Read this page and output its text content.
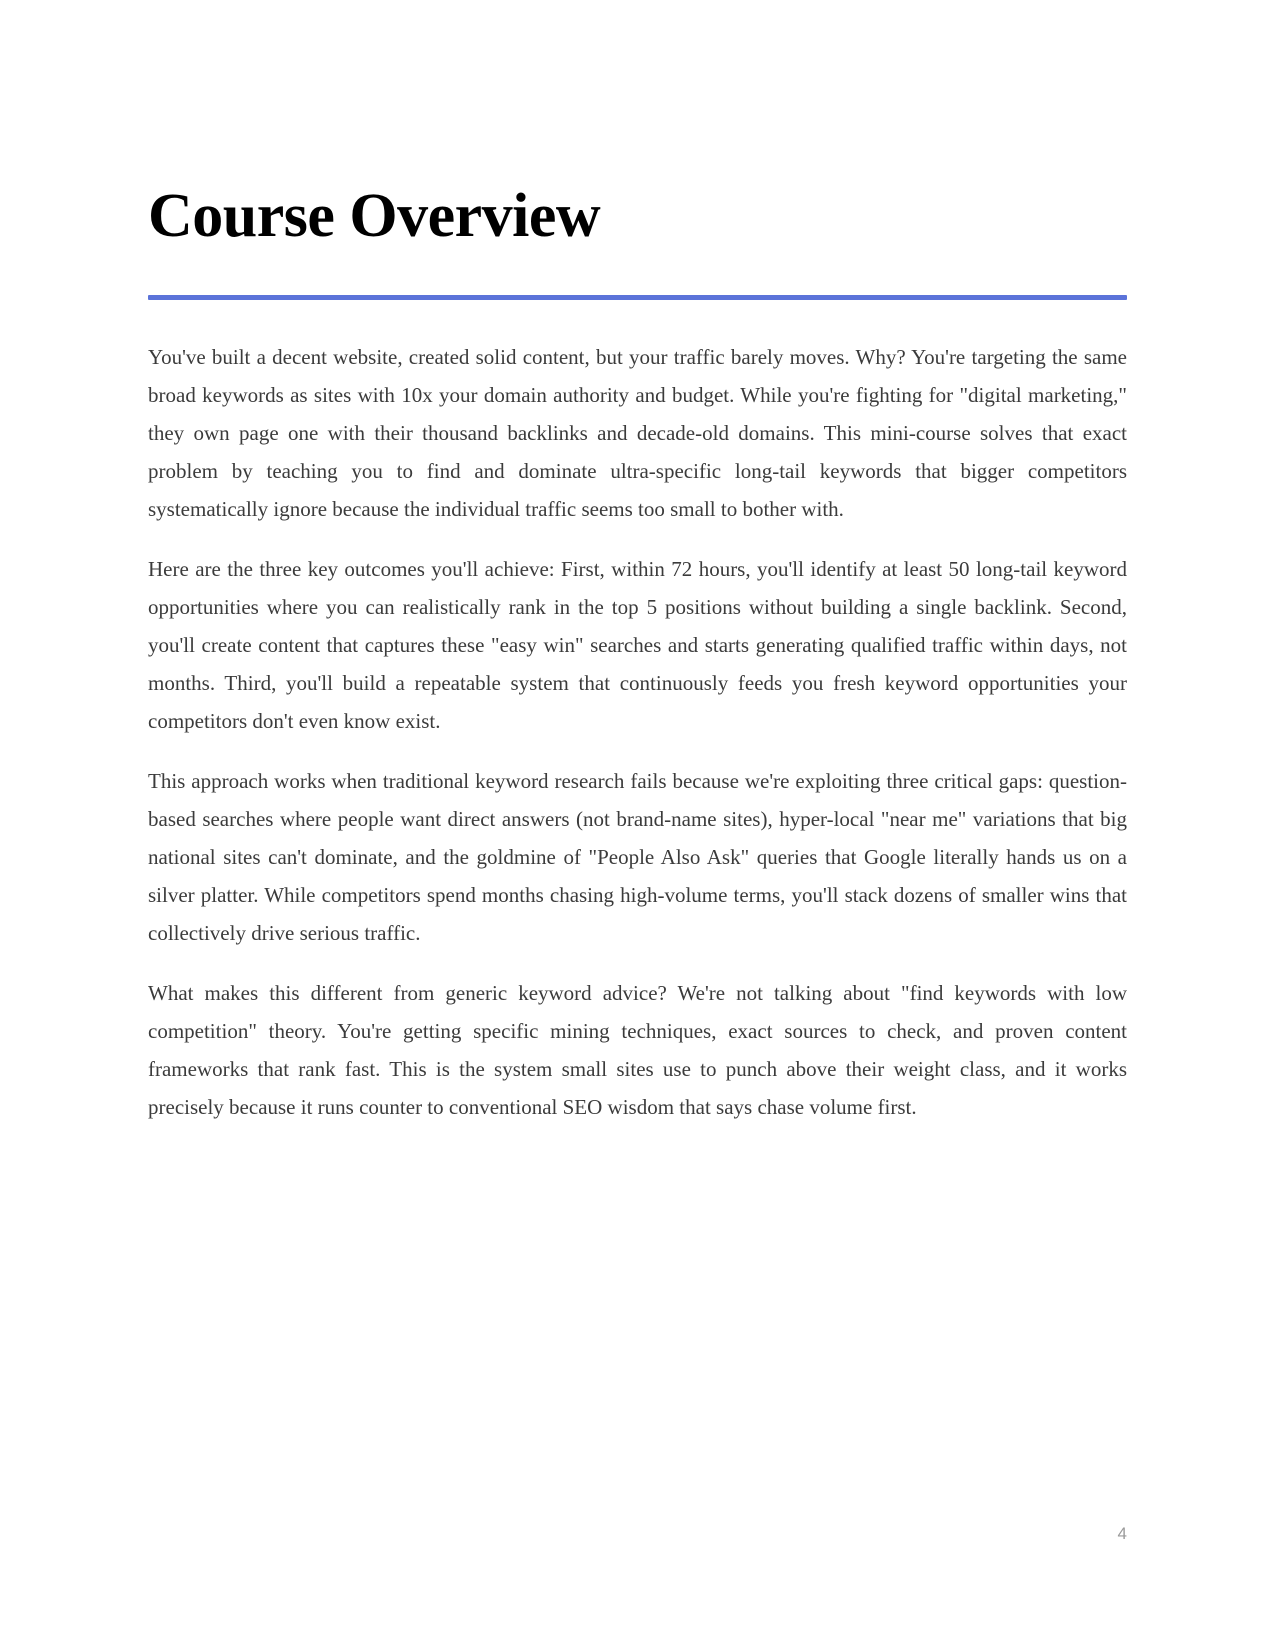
Course Overview

You've built a decent website, created solid content, but your traffic barely moves. Why? You're targeting the same broad keywords as sites with 10x your domain authority and budget. While you're fighting for "digital marketing," they own page one with their thousand backlinks and decade-old domains. This mini-course solves that exact problem by teaching you to find and dominate ultra-specific long-tail keywords that bigger competitors systematically ignore because the individual traffic seems too small to bother with.

Here are the three key outcomes you'll achieve: First, within 72 hours, you'll identify at least 50 long-tail keyword opportunities where you can realistically rank in the top 5 positions without building a single backlink. Second, you'll create content that captures these "easy win" searches and starts generating qualified traffic within days, not months. Third, you'll build a repeatable system that continuously feeds you fresh keyword opportunities your competitors don't even know exist.

This approach works when traditional keyword research fails because we're exploiting three critical gaps: question-based searches where people want direct answers (not brand-name sites), hyper-local "near me" variations that big national sites can't dominate, and the goldmine of "People Also Ask" queries that Google literally hands us on a silver platter. While competitors spend months chasing high-volume terms, you'll stack dozens of smaller wins that collectively drive serious traffic.

What makes this different from generic keyword advice? We're not talking about "find keywords with low competition" theory. You're getting specific mining techniques, exact sources to check, and proven content frameworks that rank fast. This is the system small sites use to punch above their weight class, and it works precisely because it runs counter to conventional SEO wisdom that says chase volume first.

4
